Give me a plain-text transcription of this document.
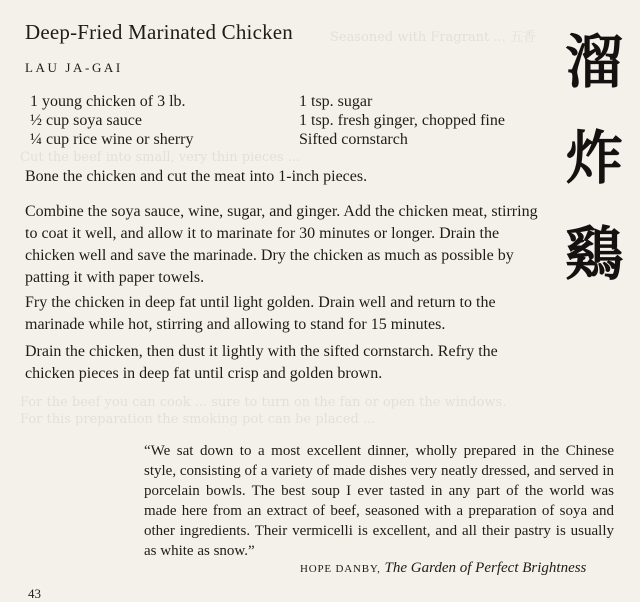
Seasoned with Fragrant ... 五香
Cut the beef into small, very thin pieces ...
For the beef you can cook ... sure to turn on the fan or open the windows.
For this preparation the smoking pot can be placed ...
Deep-Fried Marinated Chicken
LAU JA-GAI
1 young chicken of 3 lb.
½ cup soya sauce
¼ cup rice wine or sherry
1 tsp. sugar
1 tsp. fresh ginger, chopped fine
Sifted cornstarch
Bone the chicken and cut the meat into 1-inch pieces.
Combine the soya sauce, wine, sugar, and ginger. Add the chicken meat, stirring to coat it well, and allow it to marinate for 30 minutes or longer. Drain the chicken well and save the marinade. Dry the chicken as much as possible by patting it with paper towels.
Fry the chicken in deep fat until light golden. Drain well and return to the marinade while hot, stirring and allowing to stand for 15 minutes.
Drain the chicken, then dust it lightly with the sifted cornstarch. Refry the chicken pieces in deep fat until crisp and golden brown.
“We sat down to a most excellent dinner, wholly prepared in the Chinese style, consisting of a variety of made dishes very neatly dressed, and served in porcelain bowls. The best soup I ever tasted in any part of the world was made here from an extract of beef, seasoned with a preparation of soya and other ingredients. Their vermicelli is excellent, and all their pastry is usually as white as snow.”
HOPE DANBY, The Garden of Perfect Brightness
溜
炸
鷄
43
